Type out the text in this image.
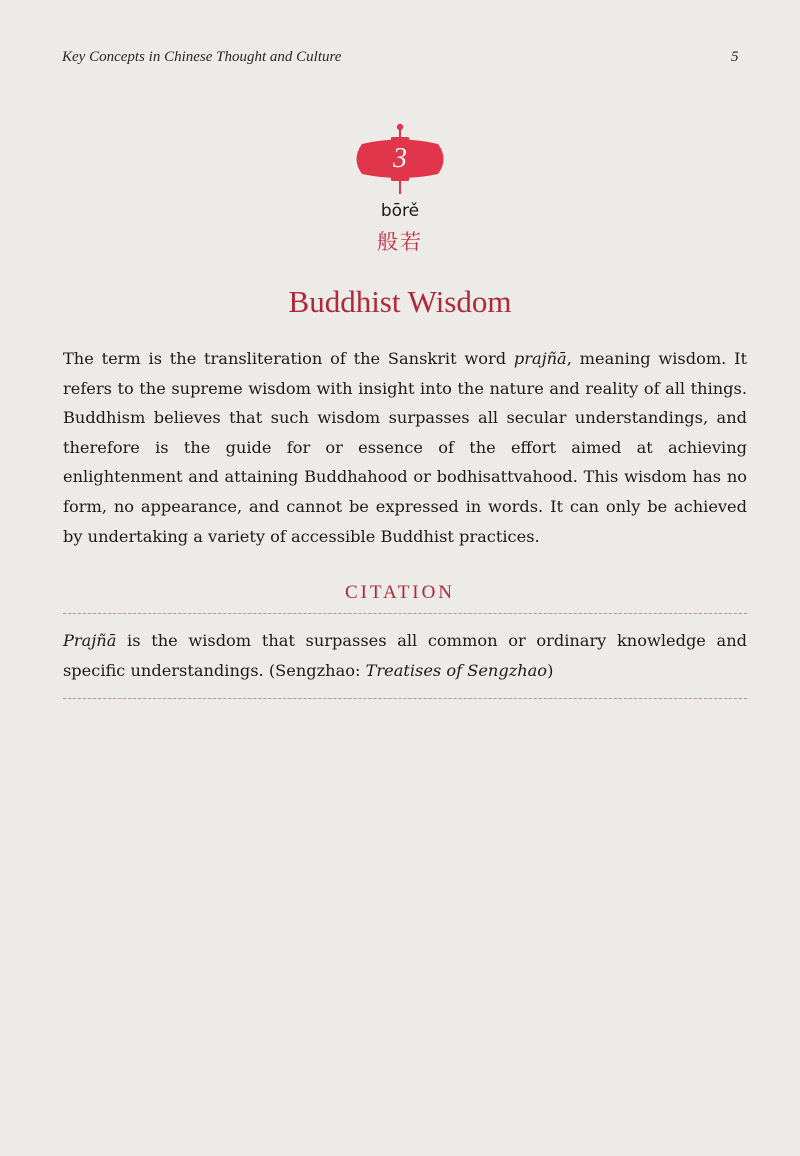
Key Concepts in Chinese Thought and Culture	5
3
bōrě
般若
Buddhist Wisdom

The term is the transliteration of the Sanskrit word prajñā, meaning wisdom. It refers to the supreme wisdom with insight into the nature and reality of all things. Buddhism believes that such wisdom surpasses all secular understandings, and therefore is the guide for or essence of the effort aimed at achieving enlightenment and attaining Buddhahood or bodhisattvahood. This wisdom has no form, no appearance, and cannot be expressed in words. It can only be achieved by undertaking a variety of accessible Buddhist practices.

CITATION

Prajñā is the wisdom that surpasses all common or ordinary knowledge and specific understandings. (Sengzhao: Treatises of Sengzhao)
